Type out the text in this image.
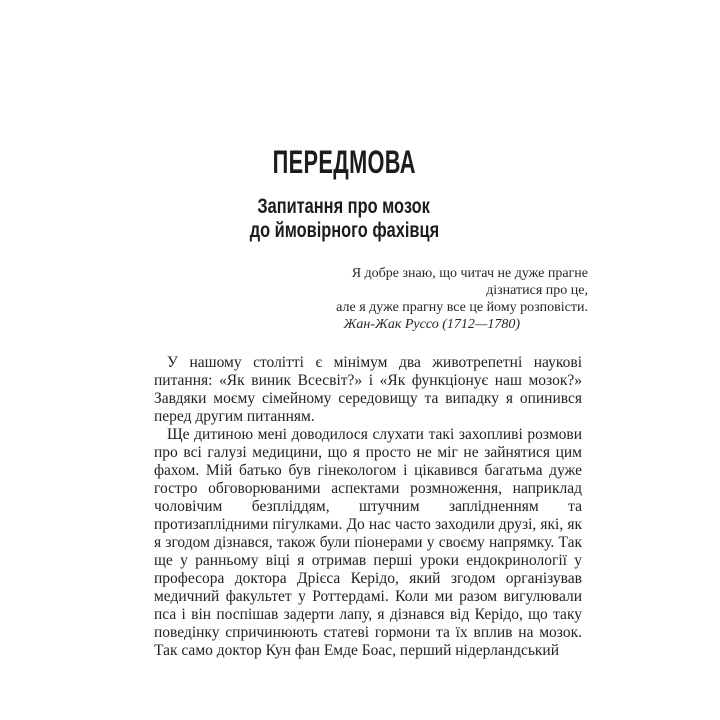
ПЕРЕДМОВА
Запитання про мозок
до ймовірного фахівця
Я добре знаю, що читач не дуже прагне
дізнатися про це,
але я дуже прагну все це йому розповісти.
Жан-Жак Руссо (1712—1780)

У нашому столітті є мінімум два животрепетні наукові питання: «Як виник Всесвіт?» і «Як функціонує наш мозок?» Завдяки моєму сімейному середовищу та випадку я опинився перед другим питанням.

Ще дитиною мені доводилося слухати такі захопливі розмови про всі галузі медицини, що я просто не міг не зайнятися цим фахом. Мій батько був гінекологом і цікавився багатьма дуже гостро обговорюваними аспектами розмноження, наприклад чоловічим безпліддям, штучним заплідненням та протизаплідними пігулками. До нас часто заходили друзі, які, як я згодом дізнався, також були піонерами у своєму напрямку. Так ще у ранньому віці я отримав перші уроки ендокринології у професора доктора Дрієса Керідо, який згодом організував медичний факультет у Роттердамі. Коли ми разом вигулювали пса і він поспішав задерти лапу, я дізнався від Керідо, що таку поведінку спричинюють статеві гормони та їх вплив на мозок. Так само доктор Кун фан Емде Боас, перший нідерландський
